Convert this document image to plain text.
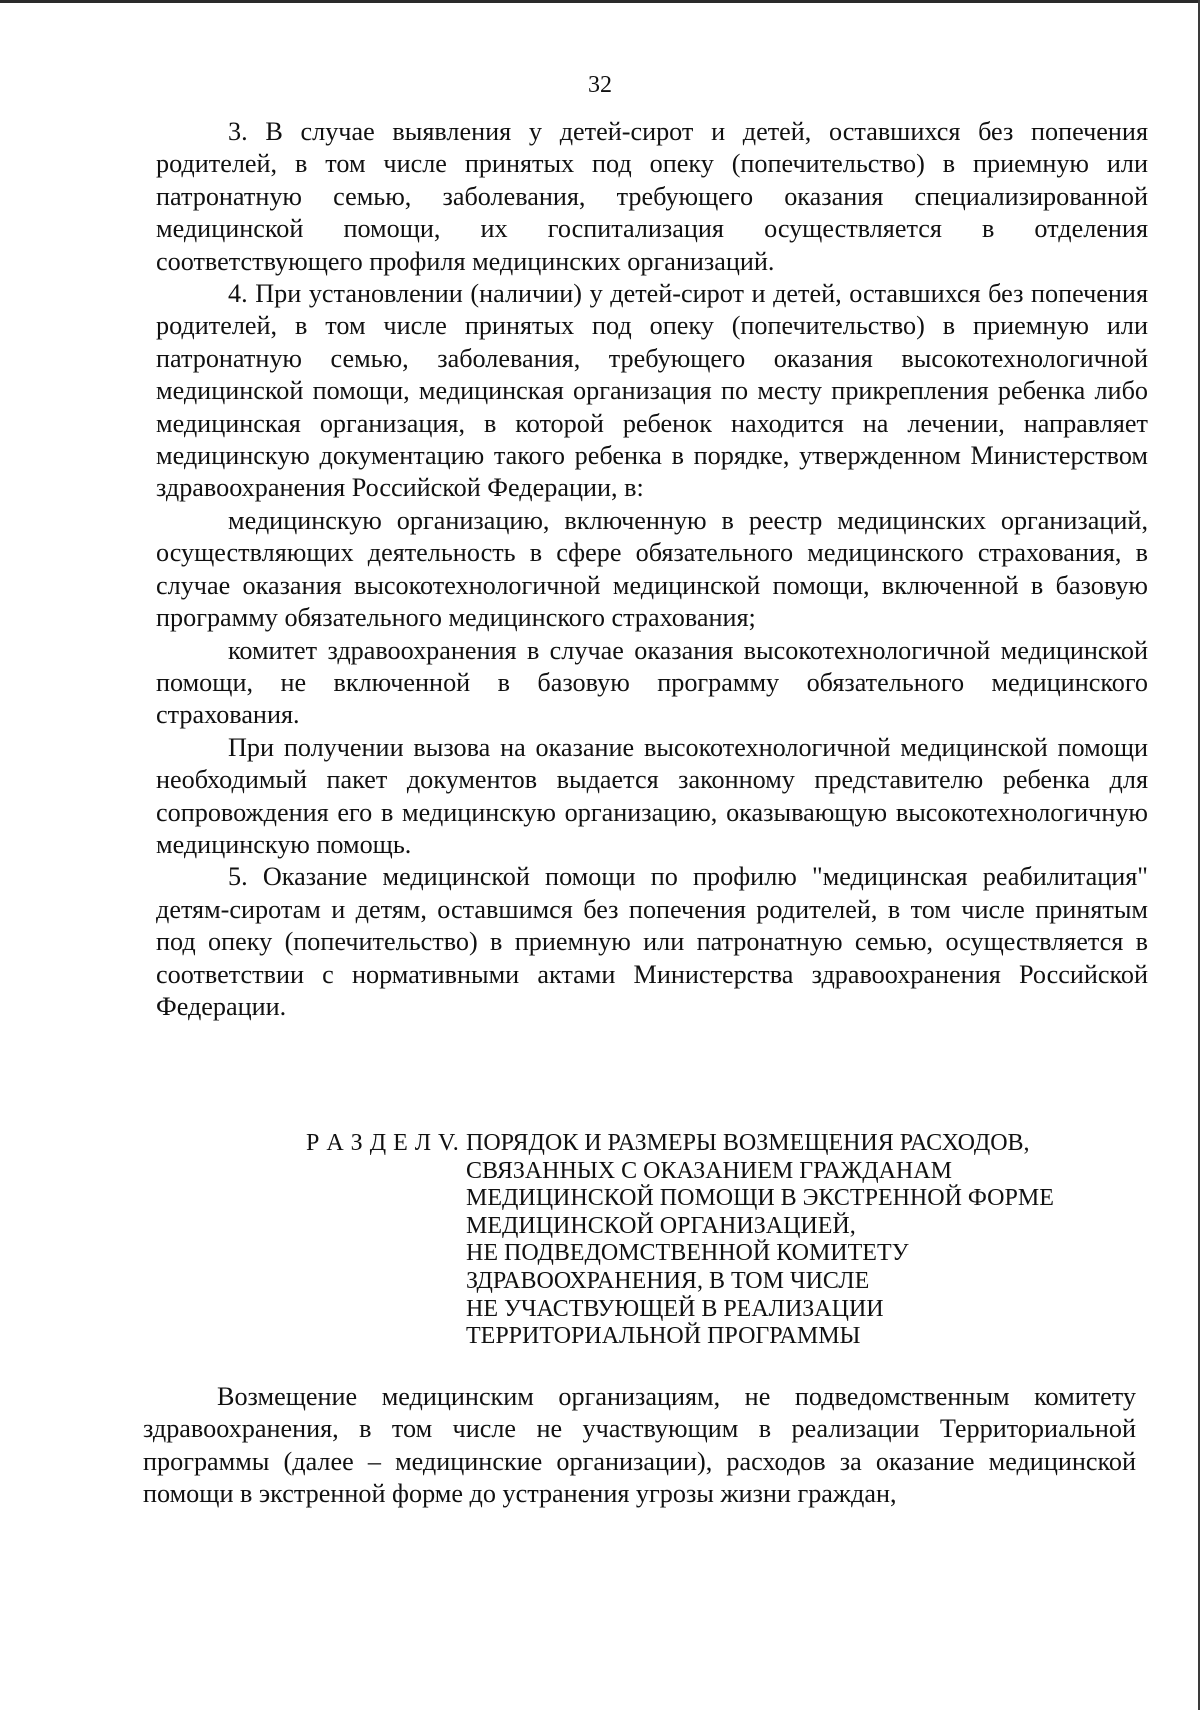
32

3. В случае выявления у детей-сирот и детей, оставшихся без попечения родителей, в том числе принятых под опеку (попечительство) в приемную или патронатную семью, заболевания, требующего оказания специализированной медицинской помощи, их госпитализация осуществляется в отделения соответствующего профиля медицинских организаций.

4. При установлении (наличии) у детей-сирот и детей, оставшихся без попечения родителей, в том числе принятых под опеку (попечительство) в приемную или патронатную семью, заболевания, требующего оказания высокотехнологичной медицинской помощи, медицинская организация по месту прикрепления ребенка либо медицинская организация, в которой ребенок находится на лечении, направляет медицинскую документацию такого ребенка в порядке, утвержденном Министерством здравоохранения Российской Федерации, в:

медицинскую организацию, включенную в реестр медицинских организаций, осуществляющих деятельность в сфере обязательного медицинского страхования, в случае оказания высокотехнологичной медицинской помощи, включенной в базовую программу обязательного медицинского страхования;

комитет здравоохранения в случае оказания высокотехнологичной медицинской помощи, не включенной в базовую программу обязательного медицинского страхования.

При получении вызова на оказание высокотехнологичной медицинской помощи необходимый пакет документов выдается законному представителю ребенка для сопровождения его в медицинскую организацию, оказывающую высокотехнологичную медицинскую помощь.

5. Оказание медицинской помощи по профилю "медицинская реабилитация" детям-сиротам и детям, оставшимся без попечения родителей, в том числе принятым под опеку (попечительство) в приемную или патронатную семью, осуществляется в соответствии с нормативными актами Министерства здравоохранения Российской Федерации.

Р А З Д Е Л V. ПОРЯДОК И РАЗМЕРЫ ВОЗМЕЩЕНИЯ РАСХОДОВ,
СВЯЗАННЫХ С ОКАЗАНИЕМ ГРАЖДАНАМ
МЕДИЦИНСКОЙ ПОМОЩИ В ЭКСТРЕННОЙ ФОРМЕ
МЕДИЦИНСКОЙ ОРГАНИЗАЦИЕЙ,
НЕ ПОДВЕДОМСТВЕННОЙ КОМИТЕТУ
ЗДРАВООХРАНЕНИЯ, В ТОМ ЧИСЛЕ
НЕ УЧАСТВУЮЩЕЙ В РЕАЛИЗАЦИИ
ТЕРРИТОРИАЛЬНОЙ ПРОГРАММЫ

Возмещение медицинским организациям, не подведомственным комитету здравоохранения, в том числе не участвующим в реализации Территориальной программы (далее – медицинские организации), расходов за оказание медицинской помощи в экстренной форме до устранения угрозы жизни граждан,
